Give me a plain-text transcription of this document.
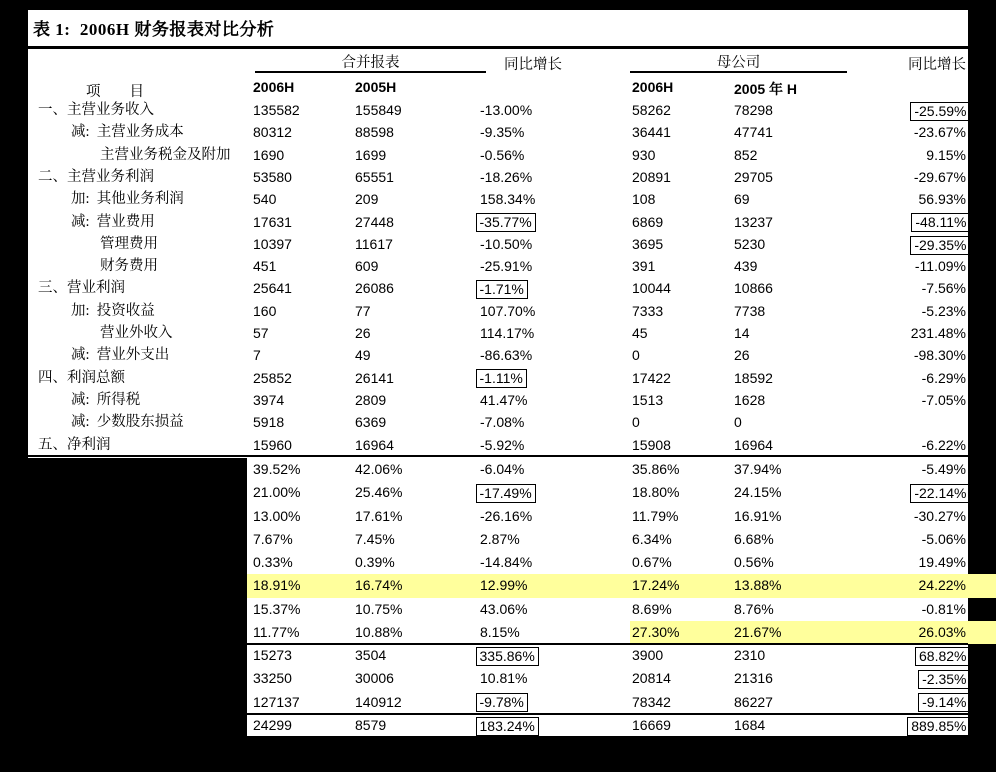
表 1:  2006H 财务报表对比分析
项        目
合并报表	同比增长	母公司	同比增长
2006H	2005H	2006H	2005 年 H
一、主营业务收入	135582	155849	-13.00%	58262	78298	-25.59%
减:  主营业务成本	80312	88598	-9.35%	36441	47741	-23.67%
主营业务税金及附加 1690	1699	-0.56%	930	852	9.15%
二、主营业务利润	53580	65551	-18.26%	20891	29705	-29.67%
加:  其他业务利润	540	209	158.34%	108	69	56.93%
减:  营业费用	17631	27448	-35.77%	6869	13237	-48.11%
管理费用	10397	11617	-10.50%	3695	5230	-29.35%
财务费用	451	609	-25.91%	391	439	-11.09%
三、营业利润	25641	26086	-1.71%	10044	10866	-7.56%
加:  投资收益	160	77	107.70%	7333	7738	-5.23%
营业外收入	57	26	114.17%	45	14	231.48%
减:  营业外支出	7	49	-86.63%	0	26	-98.30%
四、利润总额	25852	26141	-1.11%	17422	18592	-6.29%
减:  所得税	3974	2809	41.47%	1513	1628	-7.05%
减:  少数股东损益	5918	6369	-7.08%	0	0
五、净利润	15960	16964	-5.92%	15908	16964	-6.22%
39.52%	42.06%	-6.04%	35.86%	37.94%	-5.49%
21.00%	25.46%	-17.49%	18.80%	24.15%	-22.14%
13.00%	17.61%	-26.16%	11.79%	16.91%	-30.27%
7.67%	7.45%	2.87%	6.34%	6.68%	-5.06%
0.33%	0.39%	-14.84%	0.67%	0.56%	19.49%
18.91%	16.74%	12.99%	17.24%	13.88%	24.22%
15.37%	10.75%	43.06%	8.69%	8.76%	-0.81%
11.77%	10.88%	8.15%	27.30%	21.67%	26.03%
15273	3504	335.86%	3900	2310	68.82%
33250	30006	10.81%	20814	21316	-2.35%
127137	140912	-9.78%	78342	86227	-9.14%
24299	8579	183.24%	16669	1684	889.85%
